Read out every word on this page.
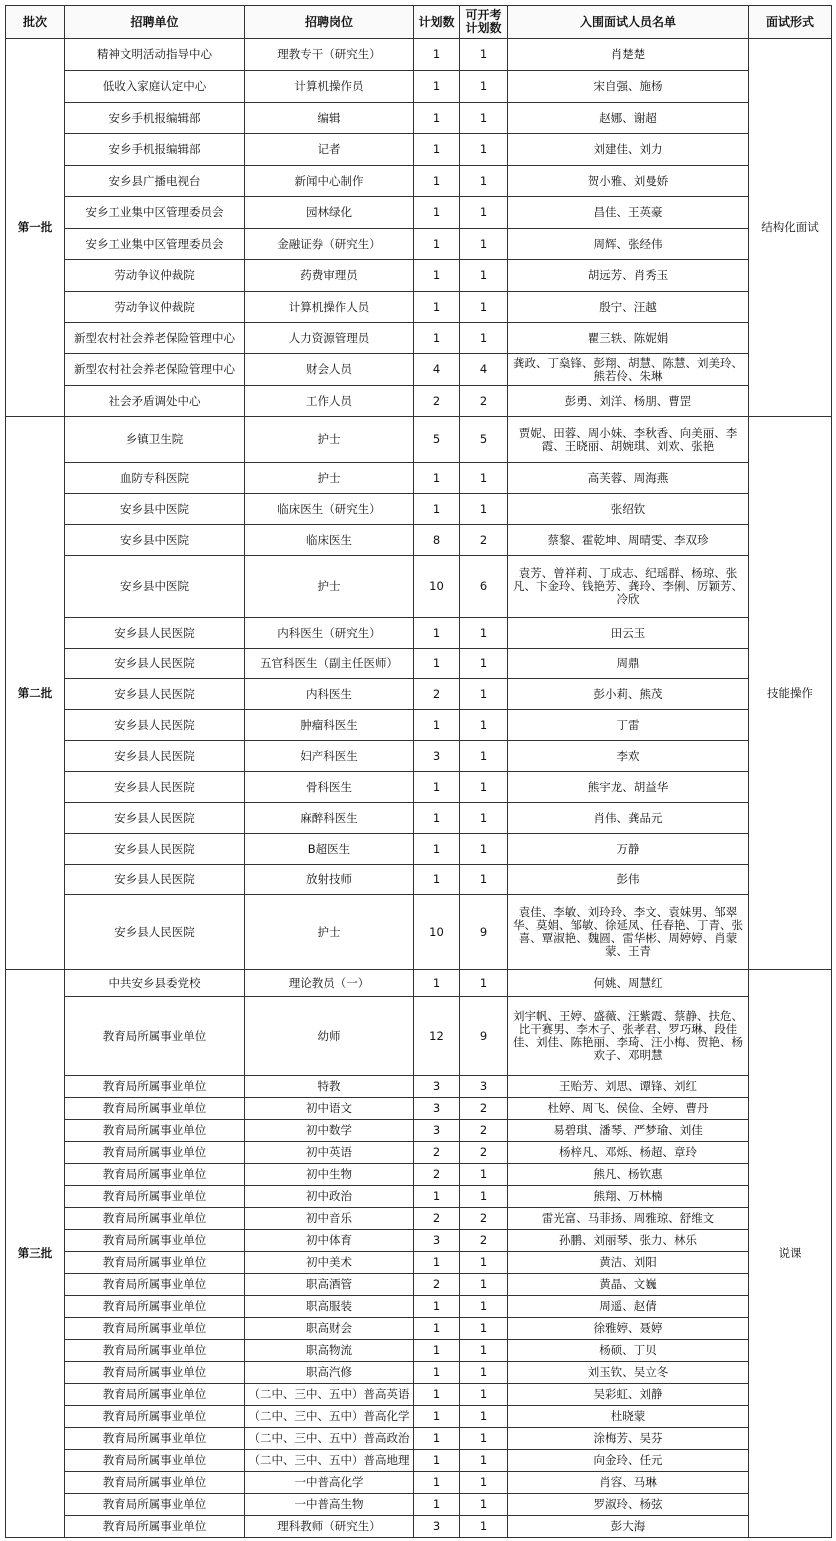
批次	招聘单位	招聘岗位	计划数	可开考计划数	入围面试人员名单	面试形式
第一批	精神文明活动指导中心	理教专干（研究生）	1	1	肖楚楚	结构化面试
	低收入家庭认定中心	计算机操作员	1	1	宋自强、施杨	
	安乡手机报编辑部	编辑	1	1	赵娜、谢超	
	安乡手机报编辑部	记者	1	1	刘建佳、刘力	
	安乡县广播电视台	新闻中心制作	1	1	贺小雅、刘曼娇	
	安乡工业集中区管理委员会	园林绿化	1	1	昌佳、王英豪	
	安乡工业集中区管理委员会	金融证券（研究生）	1	1	周辉、张经伟	
	劳动争议仲裁院	药费审理员	1	1	胡远芳、肖秀玉	
	劳动争议仲裁院	计算机操作人员	1	1	殷宁、汪越	
	新型农村社会养老保险管理中心	人力资源管理员	1	1	瞿三轶、陈妮娟	
	新型农村社会养老保险管理中心	财会人员	4	4	龚政、丁燊锋、彭翔、胡慧、陈慧、刘美玲、熊若伶、朱琳	
	社会矛盾调处中心	工作人员	2	2	彭勇、刘洋、杨朋、曹罡	
第二批	乡镇卫生院	护士	5	5	贾妮、田蓉、周小妹、李秋香、向美丽、李霞、王晓丽、胡婉琪、刘欢、张艳	技能操作
	血防专科医院	护士	1	1	高芙蓉、周海燕	
	安乡县中医院	临床医生（研究生）	1	1	张绍钦	
	安乡县中医院	临床医生	8	2	蔡黎、霍乾坤、周晴雯、李双珍	
	安乡县中医院	护士	10	6	袁芳、曾祥莉、丁成志、纪瑶群、杨琼、张凡、卞金玲、钱艳芳、龚玲、李俐、厉颖芳、冷欣	
	安乡县人民医院	内科医生（研究生）	1	1	田云玉	
	安乡县人民医院	五官科医生（副主任医师）	1	1	周鼎	
	安乡县人民医院	内科医生	2	1	彭小莉、熊茂	
	安乡县人民医院	肿瘤科医生	1	1	丁雷	
	安乡县人民医院	妇产科医生	3	1	李欢	
	安乡县人民医院	骨科医生	1	1	熊宇龙、胡益华	
	安乡县人民医院	麻醉科医生	1	1	肖伟、龚品元	
	安乡县人民医院	B超医生	1	1	万静	
	安乡县人民医院	放射技师	1	1	彭伟	
	安乡县人民医院	护士	10	9	袁佳、李敏、刘玲玲、李文、袁妹男、邹翠华、莫娟、邹敏、徐延凤、任春艳、丁青、张喜、覃淑艳、魏圆、雷华彬、周婷婷、肖蒙蒙、王青	
第三批	中共安乡县委党校	理论教员（一）	1	1	何姚、周慧红	说课
	教育局所属事业单位	幼师	12	9	刘宇帆、王婷、盛薇、汪紫霞、蔡静、扶危、比干赛男、李木子、张孝君、罗巧琳、段佳佳、刘佳、陈艳丽、李琦、汪小梅、贺艳、杨欢子、邓明慧	
	教育局所属事业单位	特教	3	3	王贻芳、刘思、谭锋、刘红	
	教育局所属事业单位	初中语文	3	2	杜婷、周飞、侯俭、全婷、曹丹	
	教育局所属事业单位	初中数学	3	2	易碧琪、潘琴、严梦瑜、刘佳	
	教育局所属事业单位	初中英语	2	2	杨梓凡、邓烁、杨超、章玲	
	教育局所属事业单位	初中生物	2	1	熊凡、杨钦惠	
	教育局所属事业单位	初中政治	1	1	熊翔、万林楠	
	教育局所属事业单位	初中音乐	2	2	雷光富、马菲扬、周雅琼、舒维文	
	教育局所属事业单位	初中体育	3	2	孙鹏、刘丽琴、张力、林乐	
	教育局所属事业单位	初中美术	1	1	黄洁、刘阳	
	教育局所属事业单位	职高酒管	2	1	黄晶、文巍	
	教育局所属事业单位	职高服装	1	1	周遥、赵倩	
	教育局所属事业单位	职高财会	1	1	徐雅婷、聂婷	
	教育局所属事业单位	职高物流	1	1	杨硕、丁贝	
	教育局所属事业单位	职高汽修	1	1	刘玉钦、吴立冬	
	教育局所属事业单位	（二中、三中、五中）普高英语	1	1	吴彩虹、刘静	
	教育局所属事业单位	（二中、三中、五中）普高化学	1	1	杜晓蒙	
	教育局所属事业单位	（二中、三中、五中）普高政治	1	1	涂梅芳、吴芬	
	教育局所属事业单位	（二中、三中、五中）普高地理	1	1	向金玲、任元	
	教育局所属事业单位	一中普高化学	1	1	肖容、马琳	
	教育局所属事业单位	一中普高生物	1	1	罗淑玲、杨弦	
	教育局所属事业单位	理科教师（研究生）	3	1	彭大海	
